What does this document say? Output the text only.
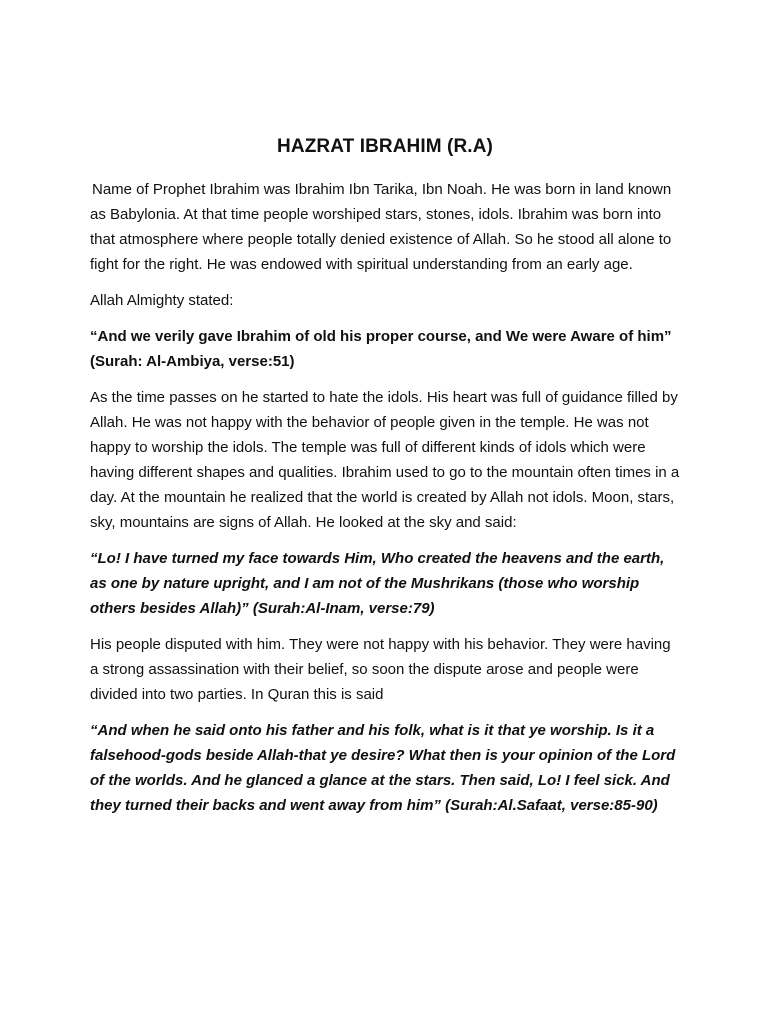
HAZRAT IBRAHIM (R.A)

Name of Prophet Ibrahim was Ibrahim Ibn Tarika, Ibn Noah. He was born in land known as Babylonia. At that time people worshiped stars, stones, idols. Ibrahim was born into that atmosphere where people totally denied existence of Allah. So he stood all alone to fight for the right. He was endowed with spiritual understanding from an early age.

Allah Almighty stated:

“And we verily gave Ibrahim of old his proper course, and We were Aware of him” (Surah: Al-Ambiya, verse:51)

As the time passes on he started to hate the idols. His heart was full of guidance filled by Allah. He was not happy with the behavior of people given in the temple. He was not happy to worship the idols. The temple was full of different kinds of idols which were having different shapes and qualities. Ibrahim used to go to the mountain often times in a day. At the mountain he realized that the world is created by Allah not idols. Moon, stars, sky, mountains are signs of Allah. He looked at the sky and said:

“Lo! I have turned my face towards Him, Who created the heavens and the earth, as one by nature upright, and I am not of the Mushrikans (those who worship others besides Allah)” (Surah:Al-Inam, verse:79)

His people disputed with him. They were not happy with his behavior. They were having a strong assassination with their belief, so soon the dispute arose and people were divided into two parties. In Quran this is said

“And when he said onto his father and his folk, what is it that ye worship. Is it a falsehood-gods beside Allah-that ye desire? What then is your opinion of the Lord of the worlds. And he glanced a glance at the stars. Then said, Lo! I feel sick. And they turned their backs and went away from him” (Surah:Al.Safaat, verse:85-90)
